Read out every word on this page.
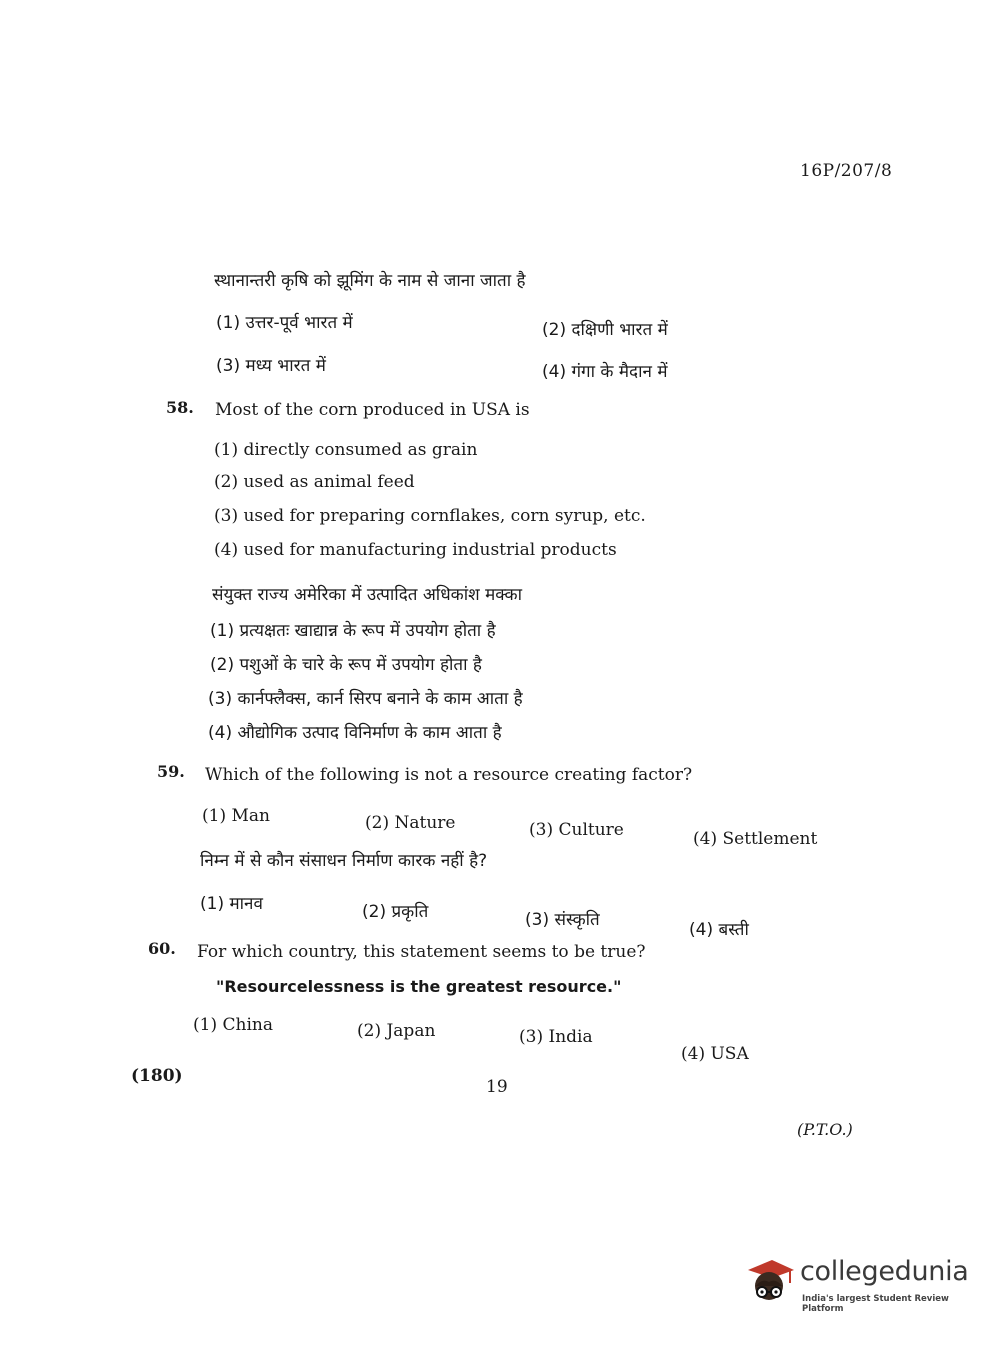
16P/207/8
स्थानान्तरी कृषि को झूमिंग के नाम से जाना जाता है
(1) उत्तर-पूर्व भारत में	(2) दक्षिणी भारत में
(3) मध्य भारत में	(4) गंगा के मैदान में
58. Most of the corn produced in USA is
(1) directly consumed as grain
(2) used as animal feed
(3) used for preparing cornflakes, corn syrup, etc.
(4) used for manufacturing industrial products
संयुक्त राज्य अमेरिका में उत्पादित अधिकांश मक्का
(1) प्रत्यक्षतः खाद्यान्न के रूप में उपयोग होता है
(2) पशुओं के चारे के रूप में उपयोग होता है
(3) कार्नफ्लैक्स, कार्न सिरप बनाने के काम आता है
(4) औद्योगिक उत्पाद विनिर्माण के काम आता है
59. Which of the following is not a resource creating factor?
(1) Man	(2) Nature	(3) Culture	(4) Settlement
निम्न में से कौन संसाधन निर्माण कारक नहीं है?
(1) मानव	(2) प्रकृति	(3) संस्कृति	(4) बस्ती
60. For which country, this statement seems to be true?
"Resourcelessness is the greatest resource."
(1) China	(2) Japan	(3) India
(4) USA
(180)
19
(P.T.O.)
collegedunia
India's largest Student Review Platform
